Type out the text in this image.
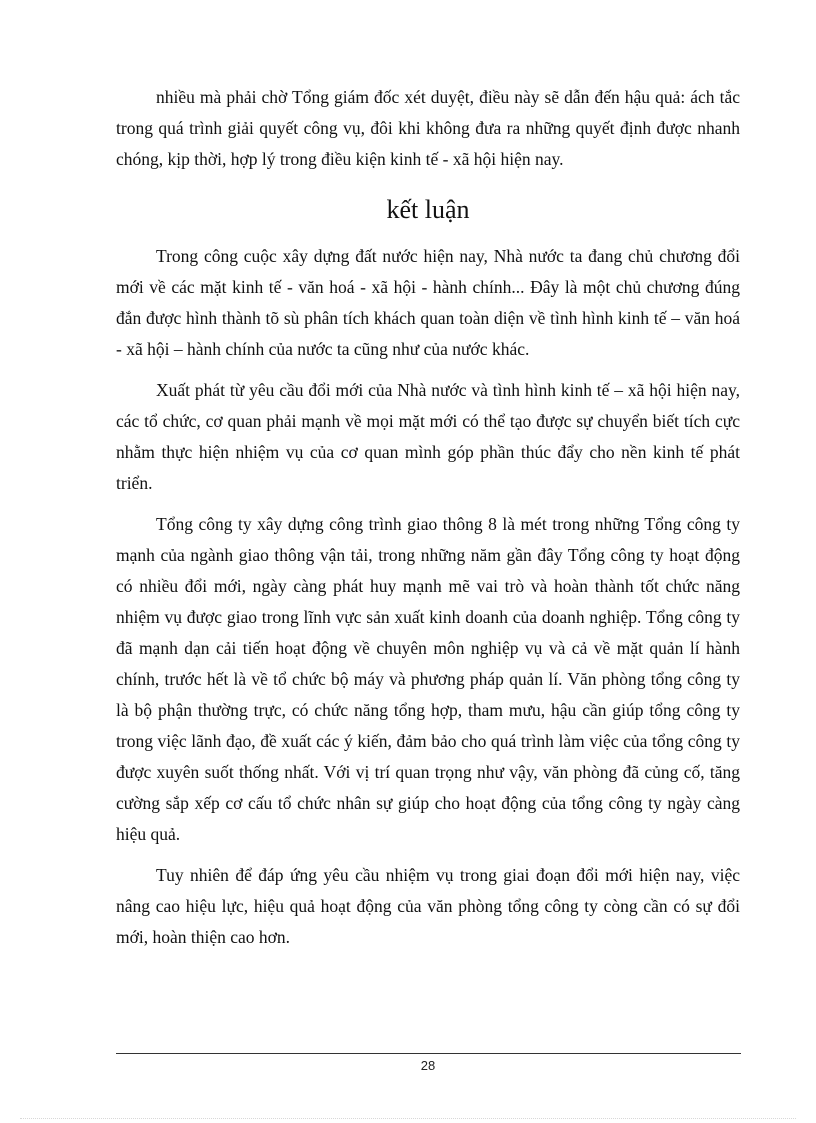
nhiều mà phải chờ Tổng giám đốc xét duyệt, điều này sẽ dẫn đến hậu quả: ách tắc trong quá trình giải quyết công vụ, đôi khi không đưa ra những quyết định được nhanh chóng, kịp thời, hợp lý trong điều kiện kinh tế - xã hội hiện nay.

kết luận

Trong công cuộc xây dựng đất nước hiện nay, Nhà nước ta đang chủ chương đổi mới về các mặt kinh tế - văn hoá - xã hội - hành chính... Đây là một chủ chương đúng đắn được hình thành tõ sù phân tích khách quan toàn diện về tình hình kinh tế – văn hoá - xã hội – hành chính của nước ta cũng như của nước khác.

Xuất phát từ yêu cầu đổi mới của Nhà nước và tình hình kinh tế – xã hội hiện nay, các tổ chức, cơ quan phải mạnh về mọi mặt mới có thể tạo được sự chuyển biết tích cực nhằm thực hiện nhiệm vụ của cơ quan mình góp phần thúc đẩy cho nền kinh tế phát triển.

Tổng công ty xây dựng công trình giao thông 8 là mét trong những Tổng công ty mạnh của ngành giao thông vận tải, trong những năm gần đây Tổng công ty hoạt động có nhiều đổi mới, ngày càng phát huy mạnh mẽ vai trò và hoàn thành tốt chức năng nhiệm vụ được giao trong lĩnh vực sản xuất kinh doanh của doanh nghiệp. Tổng công ty đã mạnh dạn cải tiến hoạt động về chuyên môn nghiệp vụ và cả về mặt quản lí hành chính, trước hết là về tổ chức bộ máy và phương pháp quản lí. Văn phòng tổng công ty là bộ phận thường trực, có chức năng tổng hợp, tham mưu, hậu cần giúp tổng công ty trong việc lãnh đạo, đề xuất các ý kiến, đảm bảo cho quá trình làm việc của tổng công ty được xuyên suốt thống nhất. Với vị trí quan trọng như vậy, văn phòng đã củng cố, tăng cường sắp xếp cơ cấu tổ chức nhân sự giúp cho hoạt động của tổng công ty ngày càng hiệu quả.

Tuy nhiên để đáp ứng yêu cầu nhiệm vụ trong giai đoạn đổi mới hiện nay, việc nâng cao hiệu lực, hiệu quả hoạt động của văn phòng tổng công ty còng cần có sự đổi mới, hoàn thiện cao hơn.

28
